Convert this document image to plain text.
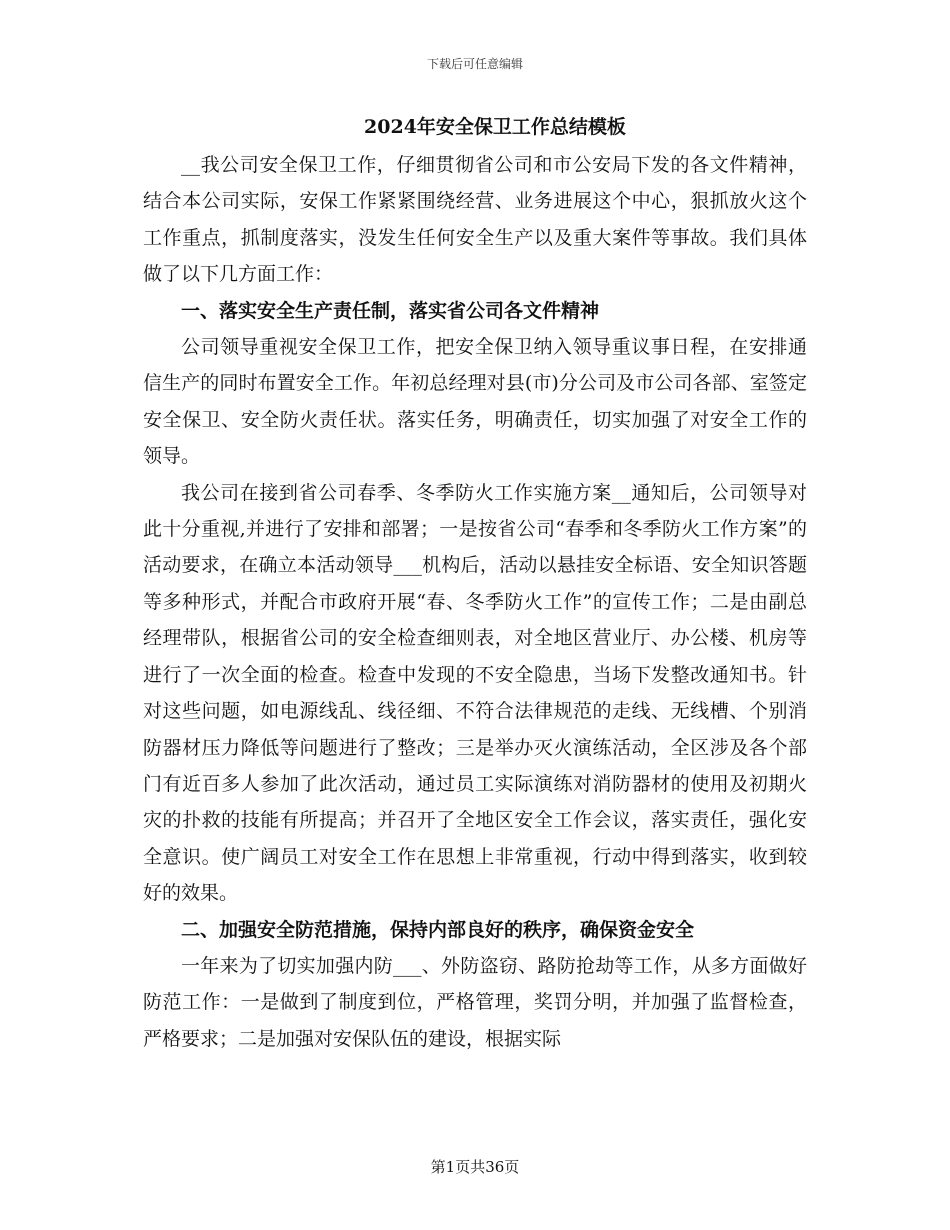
下载后可任意编辑
2024年安全保卫工作总结模板

__我公司安全保卫工作，仔细贯彻省公司和市公安局下发的各文件精神，结合本公司实际，安保工作紧紧围绕经营、业务进展这个中心，狠抓放火这个工作重点，抓制度落实，没发生任何安全生产以及重大案件等事故。我们具体做了以下几方面工作：

一、落实安全生产责任制，落实省公司各文件精神

公司领导重视安全保卫工作，把安全保卫纳入领导重议事日程，在安排通信生产的同时布置安全工作。年初总经理对县(市)分公司及市公司各部、室签定安全保卫、安全防火责任状。落实任务，明确责任，切实加强了对安全工作的领导。

我公司在接到省公司春季、冬季防火工作实施方案__通知后，公司领导对此十分重视,并进行了安排和部署；一是按省公司“春季和冬季防火工作方案”的活动要求，在确立本活动领导___机构后，活动以悬挂安全标语、安全知识答题等多种形式，并配合市政府开展“春、冬季防火工作”的宣传工作；二是由副总经理带队，根据省公司的安全检查细则表，对全地区营业厅、办公楼、机房等进行了一次全面的检查。检查中发现的不安全隐患，当场下发整改通知书。针对这些问题，如电源线乱、线径细、不符合法律规范的走线、无线槽、个别消防器材压力降低等问题进行了整改；三是举办灭火演练活动，全区涉及各个部门有近百多人参加了此次活动，通过员工实际演练对消防器材的使用及初期火灾的扑救的技能有所提高；并召开了全地区安全工作会议，落实责任，强化安全意识。使广阔员工对安全工作在思想上非常重视，行动中得到落实，收到较好的效果。

二、加强安全防范措施，保持内部良好的秩序，确保资金安全

一年来为了切实加强内防___、外防盗窃、路防抢劫等工作，从多方面做好防范工作：一是做到了制度到位，严格管理，奖罚分明，并加强了监督检查，严格要求；二是加强对安保队伍的建设，根据实际

第1页共36页
